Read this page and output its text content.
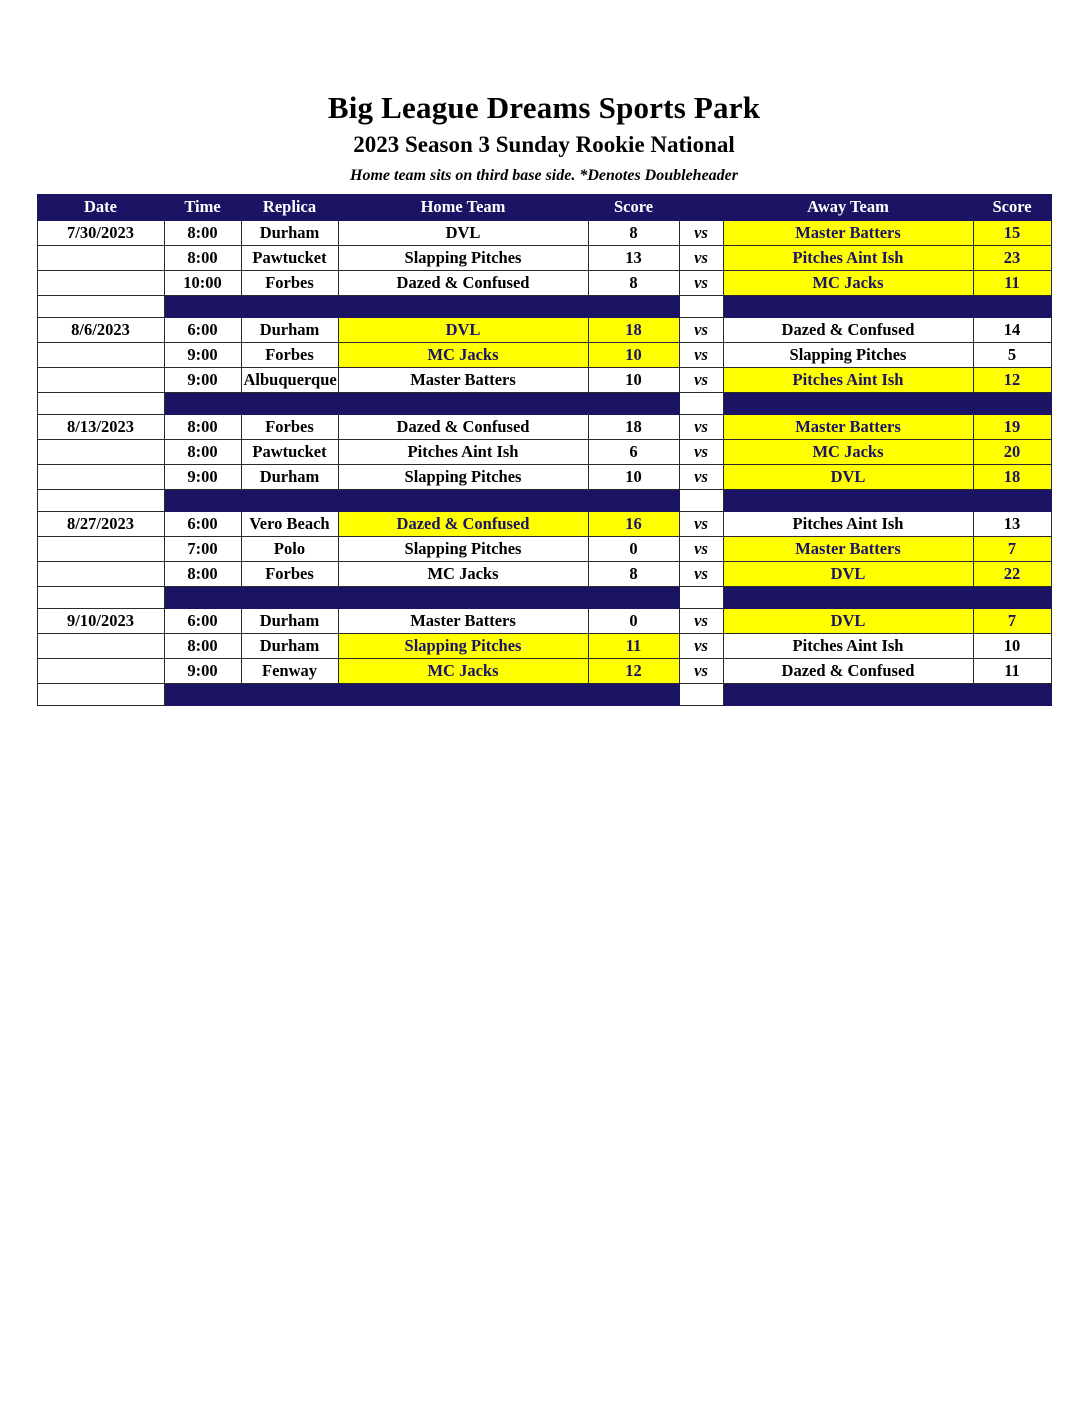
Big League Dreams Sports Park
2023 Season 3 Sunday Rookie National
Home team sits on third base side. *Denotes Doubleheader
Date	Time	Replica	Home Team	Score		Away Team	Score
7/30/2023	8:00	Durham	DVL	8	vs	Master Batters	15
	8:00	Pawtucket	Slapping Pitches	13	vs	Pitches Aint Ish	23
	10:00	Forbes	Dazed & Confused	8	vs	MC Jacks	11

8/6/2023	6:00	Durham	DVL	18	vs	Dazed & Confused	14
	9:00	Forbes	MC Jacks	10	vs	Slapping Pitches	5
	9:00	Albuquerque	Master Batters	10	vs	Pitches Aint Ish	12

8/13/2023	8:00	Forbes	Dazed & Confused	18	vs	Master Batters	19
	8:00	Pawtucket	Pitches Aint Ish	6	vs	MC Jacks	20
	9:00	Durham	Slapping Pitches	10	vs	DVL	18

8/27/2023	6:00	Vero Beach	Dazed & Confused	16	vs	Pitches Aint Ish	13
	7:00	Polo	Slapping Pitches	0	vs	Master Batters	7
	8:00	Forbes	MC Jacks	8	vs	DVL	22

9/10/2023	6:00	Durham	Master Batters	0	vs	DVL	7
	8:00	Durham	Slapping Pitches	11	vs	Pitches Aint Ish	10
	9:00	Fenway	MC Jacks	12	vs	Dazed & Confused	11
